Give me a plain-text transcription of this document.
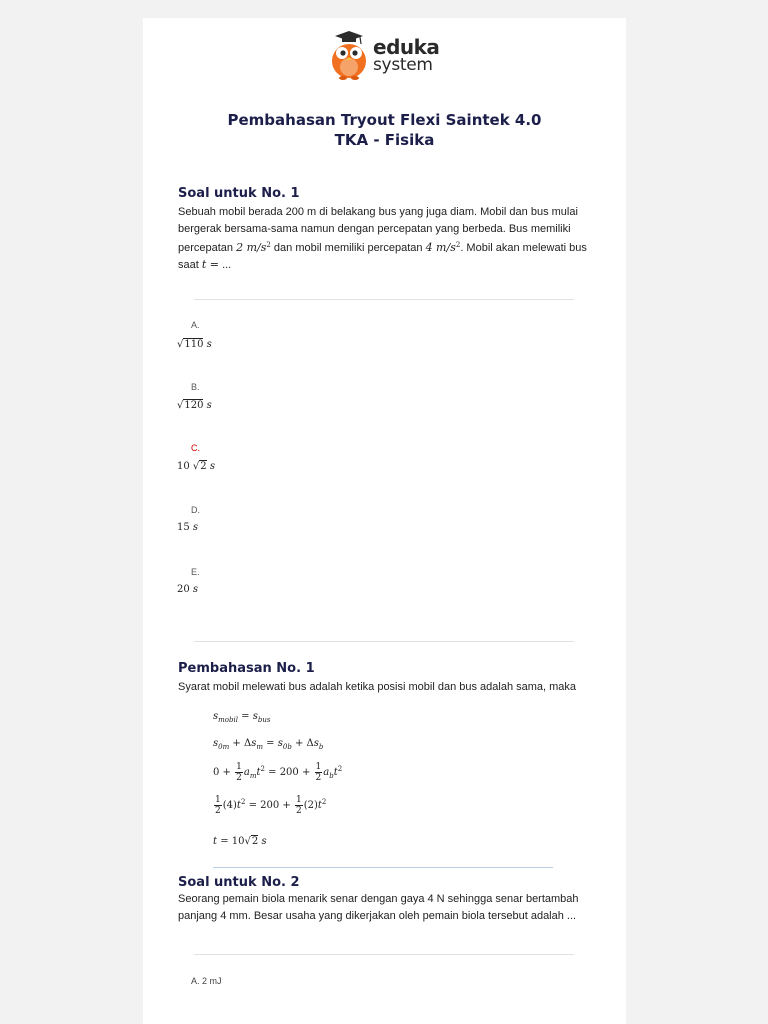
eduka
system
Pembahasan Tryout Flexi Saintek 4.0
TKA - Fisika
Soal untuk No. 1
Sebuah mobil berada 200 m di belakang bus yang juga diam. Mobil dan bus mulai bergerak bersama-sama namun dengan percepatan yang berbeda. Bus memiliki percepatan 2 $m/s^2$ dan mobil memiliki percepatan 4 $m/s^2$. Mobil akan melewati bus saat t = ...
A.
√110 s
B.
√120 s
C.
10 √2 s
D.
15 s
E.
20 s
Pembahasan No. 1
Syarat mobil melewati bus adalah ketika posisi mobil dan bus adalah sama, maka
$s_{mobil} = s_{bus}$
$s_{0m} + \Delta s_m = s_{0b} + \Delta s_b$
$0 + \frac{1}{2} a_mt^2 = 200 + \frac{1}{2} a_bt^2$
$\frac{1}{2} (4)t^2 = 200 + \frac{1}{2} (2)t^2$
t = 10√2 s
Soal untuk No. 2
Seorang pemain biola menarik senar dengan gaya 4 N sehingga senar bertambah panjang 4 mm. Besar usaha yang dikerjakan oleh pemain biola tersebut adalah ...
A. 2 mJ
